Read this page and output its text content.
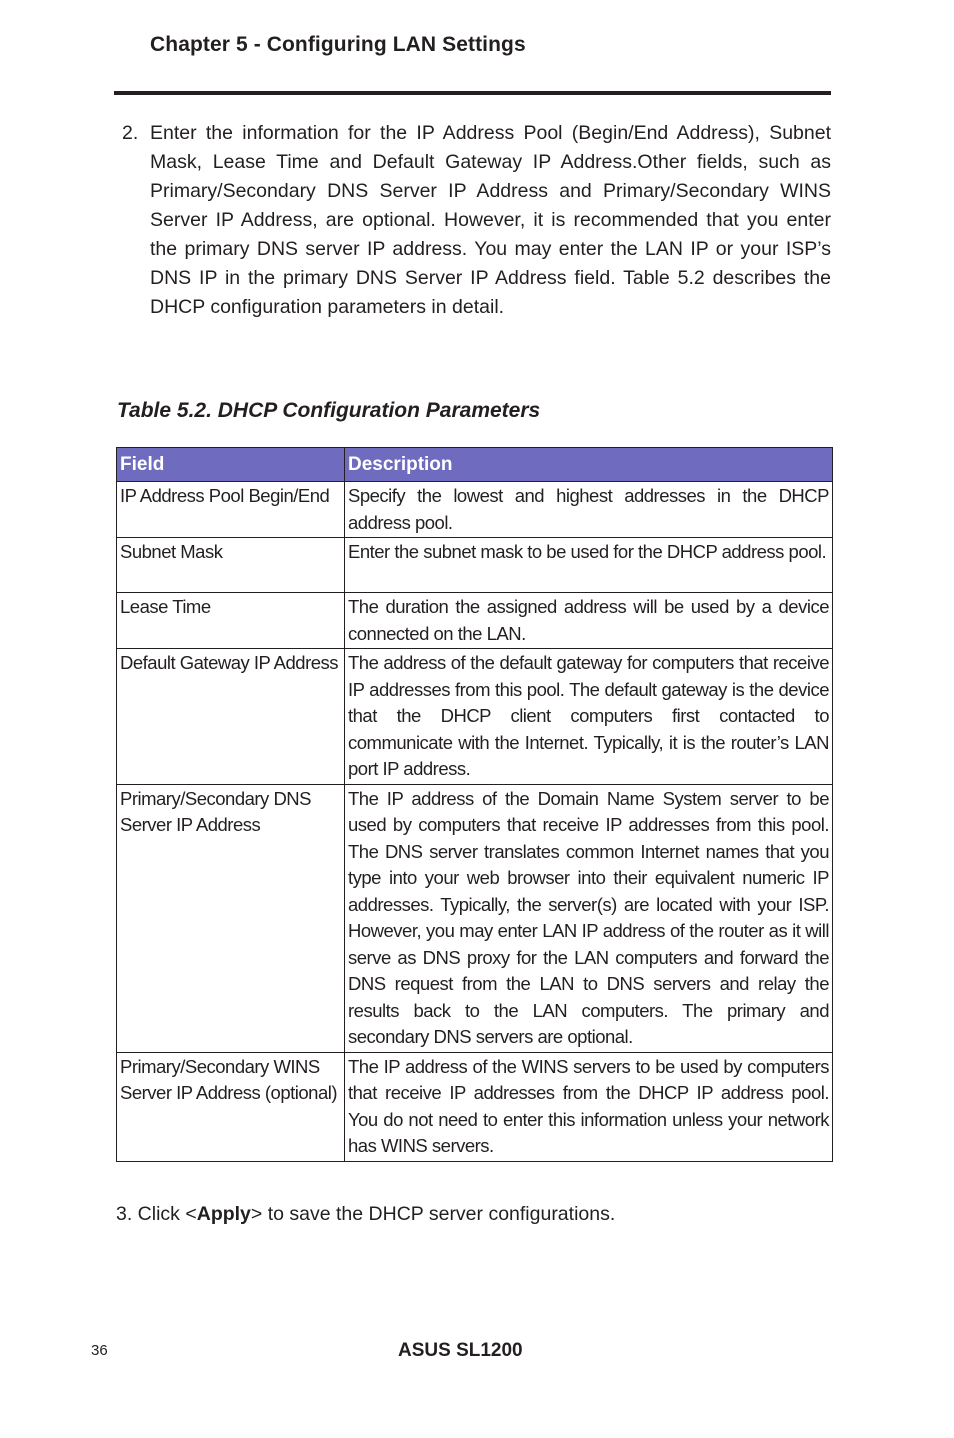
Chapter 5 - Configuring LAN Settings
2. Enter the information for the IP Address Pool (Begin/End Address), Subnet Mask, Lease Time and Default Gateway IP Address.Other fields, such as Primary/Secondary DNS Server IP Address and Primary/Secondary WINS Server IP Address, are optional. However, it is recommended that you enter the primary DNS server IP address. You may enter the LAN IP or your ISP’s DNS IP in the primary DNS Server IP Address field. Table 5.2 describes the DHCP configuration parameters in detail.
Table 5.2. DHCP Configuration Parameters
Field	Description
IP Address Pool Begin/End	Specify the lowest and highest addresses in the DHCP address pool.
Subnet Mask	Enter the subnet mask to be used for the DHCP address pool.
Lease Time	The duration the assigned address will be used by a device connected on the LAN.
Default Gateway IP Address	The address of the default gateway for computers that receive IP addresses from this pool. The default gateway is the device that the DHCP client computers first contacted to communicate with the Internet. Typically, it is the router’s LAN port IP address.
Primary/Secondary DNS Server IP Address	The IP address of the Domain Name System server to be used by computers that receive IP addresses from this pool. The DNS server translates common Internet names that you type into your web browser into their equivalent numeric IP addresses. Typically, the server(s) are located with your ISP. However, you may enter LAN IP address of the router as it will serve as DNS proxy for the LAN computers and forward the DNS request from the LAN to DNS servers and relay the results back to the LAN computers. The primary and secondary DNS servers are optional.
Primary/Secondary WINS Server IP Address (optional)	The IP address of the WINS servers to be used by computers that receive IP addresses from the DHCP IP address pool. You do not need to enter this information unless your network has WINS servers.
3. Click <Apply> to save the DHCP server configurations.
36	ASUS SL1200
